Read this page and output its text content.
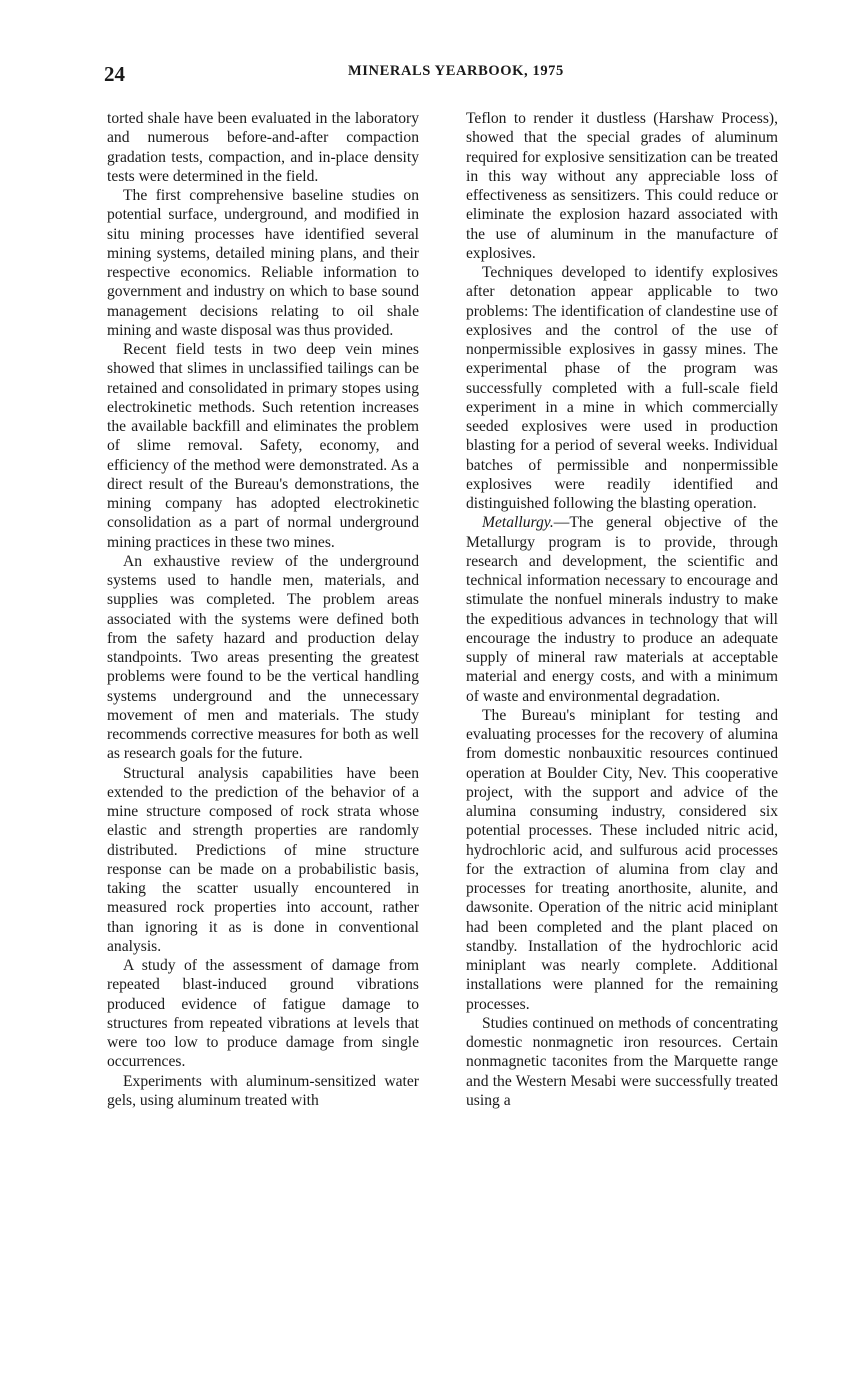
24	MINERALS YEARBOOK, 1975

torted shale have been evaluated in the laboratory and numerous before-and-after compaction gradation tests, compaction, and in-place density tests were determined in the field.

The first comprehensive baseline studies on potential surface, underground, and modified in situ mining processes have identified several mining systems, detailed mining plans, and their respective economics. Reliable information to government and industry on which to base sound management decisions relating to oil shale mining and waste disposal was thus provided.

Recent field tests in two deep vein mines showed that slimes in unclassified tailings can be retained and consolidated in primary stopes using electrokinetic methods. Such retention increases the available backfill and eliminates the problem of slime removal. Safety, economy, and efficiency of the method were demonstrated. As a direct result of the Bureau's demonstrations, the mining company has adopted electrokinetic consolidation as a part of normal underground mining practices in these two mines.

An exhaustive review of the underground systems used to handle men, materials, and supplies was completed. The problem areas associated with the systems were defined both from the safety hazard and production delay standpoints. Two areas presenting the greatest problems were found to be the vertical handling systems underground and the unnecessary movement of men and materials. The study recommends corrective measures for both as well as research goals for the future.

Structural analysis capabilities have been extended to the prediction of the behavior of a mine structure composed of rock strata whose elastic and strength properties are randomly distributed. Predictions of mine structure response can be made on a probabilistic basis, taking the scatter usually encountered in measured rock properties into account, rather than ignoring it as is done in conventional analysis.

A study of the assessment of damage from repeated blast-induced ground vibrations produced evidence of fatigue damage to structures from repeated vibrations at levels that were too low to produce damage from single occurrences.

Experiments with aluminum-sensitized water gels, using aluminum treated with

Teflon to render it dustless (Harshaw Process), showed that the special grades of aluminum required for explosive sensitization can be treated in this way without any appreciable loss of effectiveness as sensitizers. This could reduce or eliminate the explosion hazard associated with the use of aluminum in the manufacture of explosives.

Techniques developed to identify explosives after detonation appear applicable to two problems: The identification of clandestine use of explosives and the control of the use of nonpermissible explosives in gassy mines. The experimental phase of the program was successfully completed with a full-scale field experiment in a mine in which commercially seeded explosives were used in production blasting for a period of several weeks. Individual batches of permissible and nonpermissible explosives were readily identified and distinguished following the blasting operation.

Metallurgy.—The general objective of the Metallurgy program is to provide, through research and development, the scientific and technical information necessary to encourage and stimulate the nonfuel minerals industry to make the expeditious advances in technology that will encourage the industry to produce an adequate supply of mineral raw materials at acceptable material and energy costs, and with a minimum of waste and environmental degradation.

The Bureau's miniplant for testing and evaluating processes for the recovery of alumina from domestic nonbauxitic resources continued operation at Boulder City, Nev. This cooperative project, with the support and advice of the alumina consuming industry, considered six potential processes. These included nitric acid, hydrochloric acid, and sulfurous acid processes for the extraction of alumina from clay and processes for treating anorthosite, alunite, and dawsonite. Operation of the nitric acid miniplant had been completed and the plant placed on standby. Installation of the hydrochloric acid miniplant was nearly complete. Additional installations were planned for the remaining processes.

Studies continued on methods of concentrating domestic nonmagnetic iron resources. Certain nonmagnetic taconites from the Marquette range and the Western Mesabi were successfully treated using a
